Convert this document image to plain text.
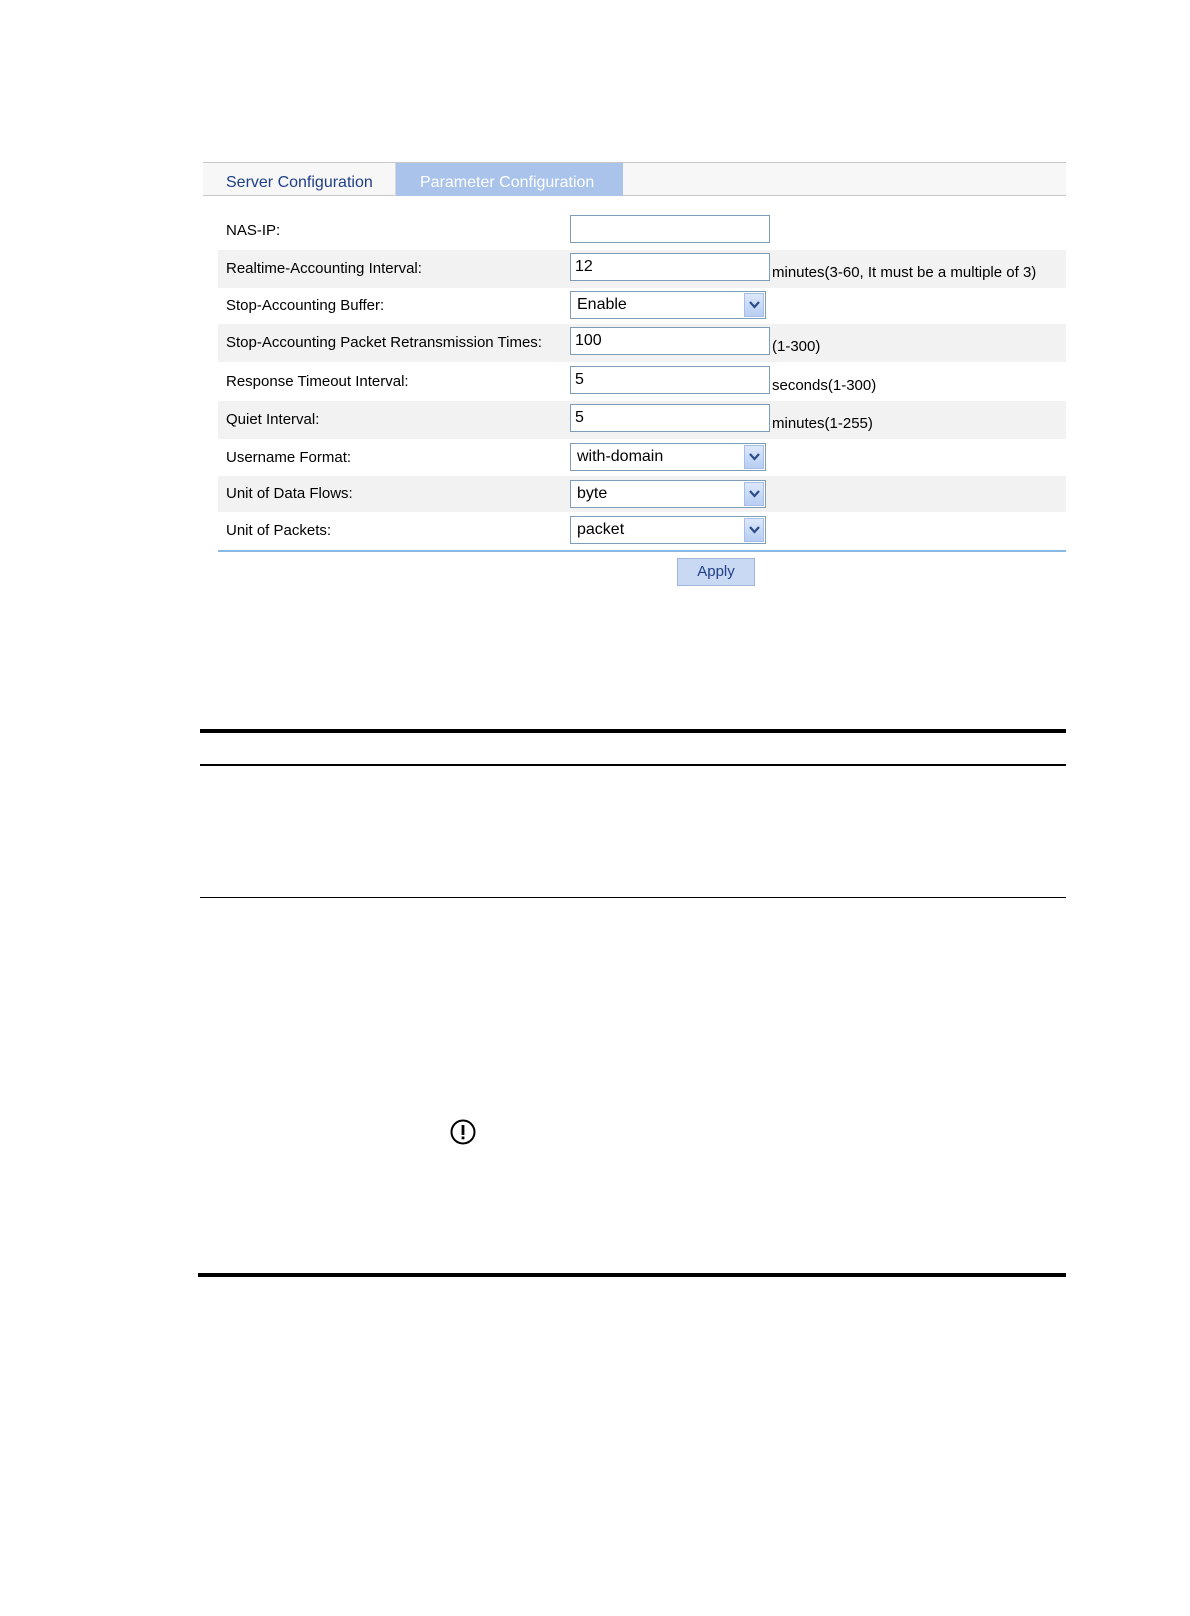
Server Configuration	Parameter Configuration
NAS-IP:
Realtime-Accounting Interval:	12	minutes(3-60, It must be a multiple of 3)
Stop-Accounting Buffer:	Enable
Stop-Accounting Packet Retransmission Times:	100	(1-300)
Response Timeout Interval:	5	seconds(1-300)
Quiet Interval:	5	minutes(1-255)
Username Format:	with-domain
Unit of Data Flows:	byte
Unit of Packets:	packet
Apply
